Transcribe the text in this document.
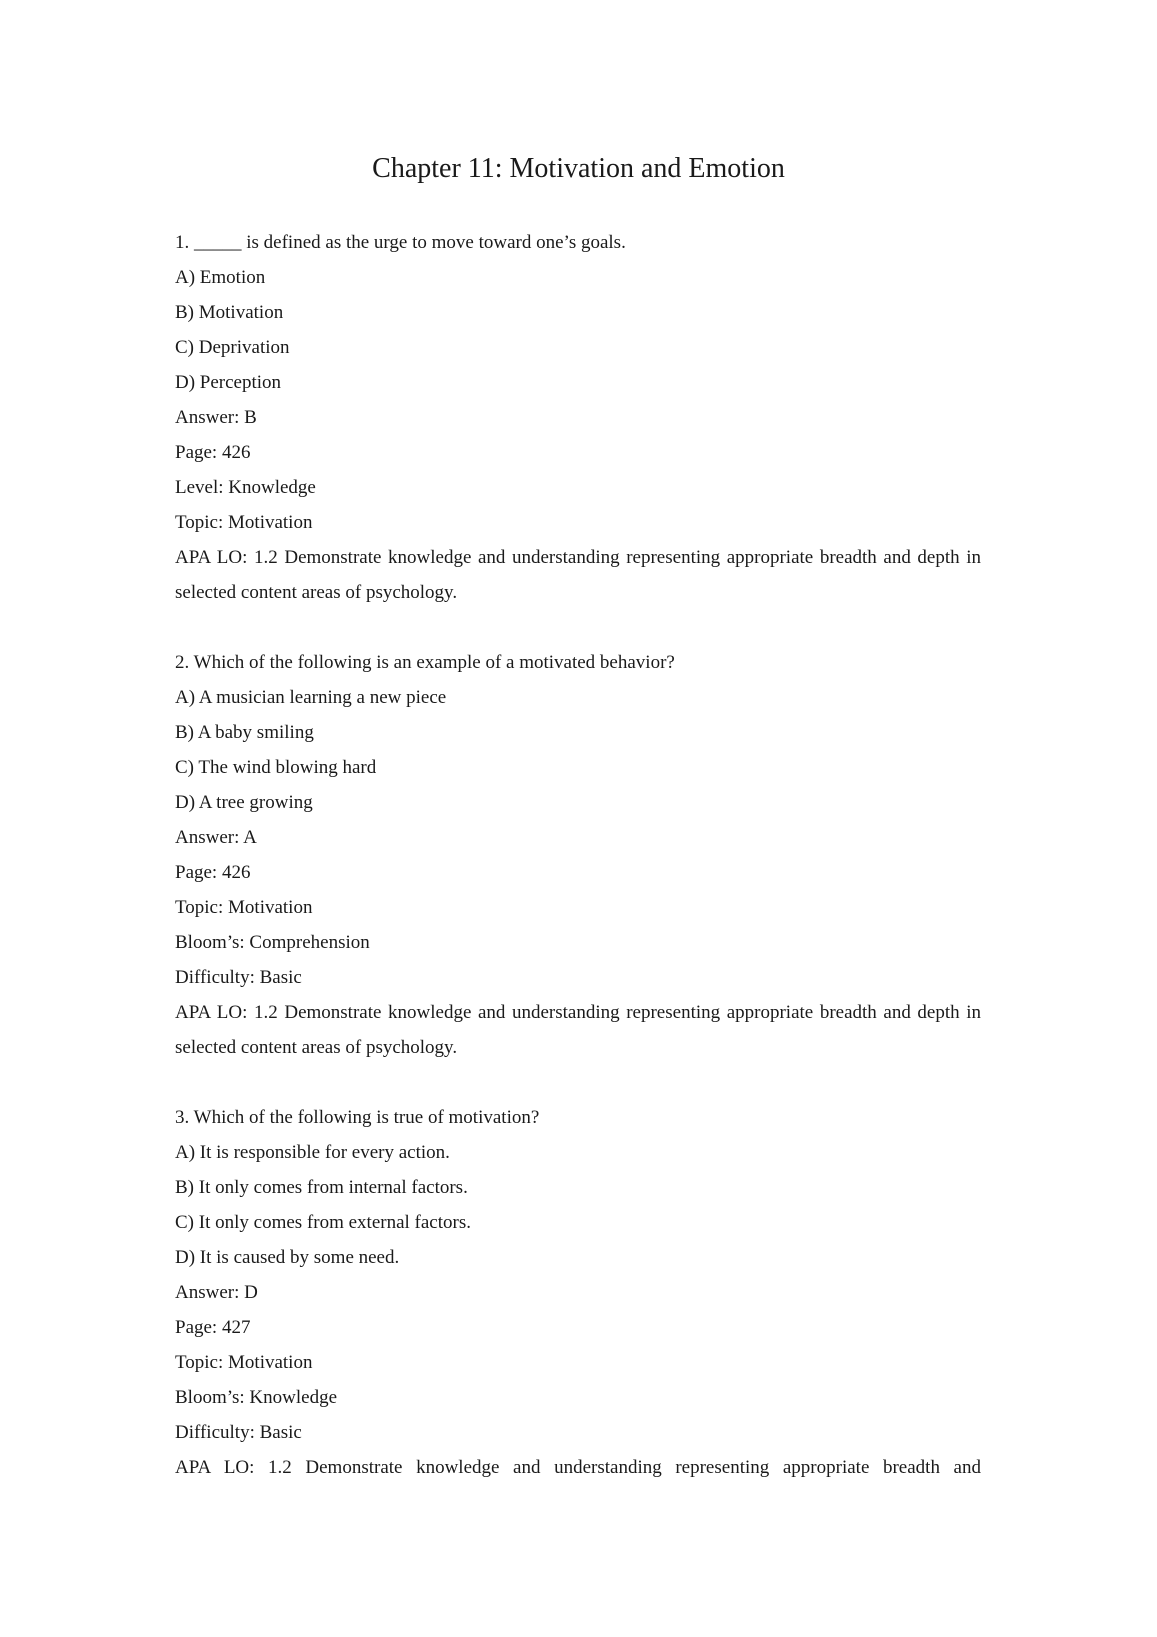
Chapter 11: Motivation and Emotion
1. _____ is defined as the urge to move toward one’s goals.
A) Emotion
B) Motivation
C) Deprivation
D) Perception
Answer: B
Page: 426
Level: Knowledge
Topic: Motivation

APA LO: 1.2 Demonstrate knowledge and understanding representing appropriate breadth and depth in selected content areas of psychology.

2. Which of the following is an example of a motivated behavior?
A) A musician learning a new piece
B) A baby smiling
C) The wind blowing hard
D) A tree growing
Answer: A
Page: 426
Topic: Motivation
Bloom’s: Comprehension
Difficulty: Basic

APA LO: 1.2 Demonstrate knowledge and understanding representing appropriate breadth and depth in selected content areas of psychology.

3. Which of the following is true of motivation?
A) It is responsible for every action.
B) It only comes from internal factors.
C) It only comes from external factors.
D) It is caused by some need.
Answer: D
Page: 427
Topic: Motivation
Bloom’s: Knowledge
Difficulty: Basic

APA LO: 1.2 Demonstrate knowledge and understanding representing appropriate breadth and
